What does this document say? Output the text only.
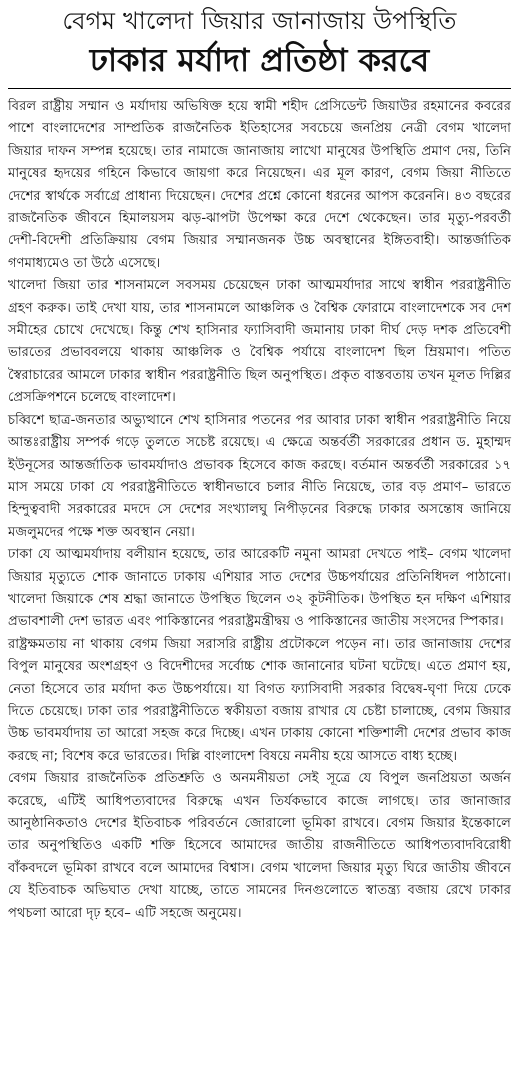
বেগম খালেদা জিয়ার জানাজায় উপস্থিতি
ঢাকার মর্যাদা প্রতিষ্ঠা করবে

বিরল রাষ্ট্রীয় সম্মান ও মর্যাদায় অভিষিক্ত হয়ে স্বামী শহীদ প্রেসিডেন্ট জিয়াউর রহমানের কবরের পাশে বাংলাদেশের সাম্প্রতিক রাজনৈতিক ইতিহাসের সবচেয়ে জনপ্রিয় নেত্রী বেগম খালেদা জিয়ার দাফন সম্পন্ন হয়েছে। তার নামাজে জানাজায় লাখো মানুষের উপস্থিতি প্রমাণ দেয়, তিনি মানুষের হৃদয়ের গহিনে কিভাবে জায়গা করে নিয়েছেন। এর মূল কারণ, বেগম জিয়া নীতিতে দেশের স্বার্থকে সর্বাগ্রে প্রাধান্য দিয়েছেন। দেশের প্রশ্নে কোনো ধরনের আপস করেননি। ৪৩ বছরের রাজনৈতিক জীবনে হিমালয়সম ঝড়-ঝাপটা উপেক্ষা করে দেশে থেকেছেন। তার মৃত্যু-পরবর্তী দেশী-বিদেশী প্রতিক্রিয়ায় বেগম জিয়ার সম্মানজনক উচ্চ অবস্থানের ইঙ্গিতবাহী। আন্তর্জাতিক গণমাধ্যমেও তা উঠে এসেছে।

খালেদা জিয়া তার শাসনামলে সবসময় চেয়েছেন ঢাকা আত্মমর্যাদার সাথে স্বাধীন পররাষ্ট্রনীতি গ্রহণ করুক। তাই দেখা যায়, তার শাসনামলে আঞ্চলিক ও বৈশ্বিক ফোরামে বাংলাদেশকে সব দেশ সমীহের চোখে দেখেছে। কিন্তু শেখ হাসিনার ফ্যাসিবাদী জমানায় ঢাকা দীর্ঘ দেড় দশক প্রতিবেশী ভারতের প্রভাববলয়ে থাকায় আঞ্চলিক ও বৈশ্বিক পর্যায়ে বাংলাদেশ ছিল ম্রিয়মাণ। পতিত স্বৈরাচারের আমলে ঢাকার স্বাধীন পররাষ্ট্রনীতি ছিল অনুপস্থিত। প্রকৃত বাস্তবতায় তখন মূলত দিল্লির প্রেসক্রিপশনে চলেছে বাংলাদেশ।

চব্বিশে ছাত্র-জনতার অভ্যুত্থানে শেখ হাসিনার পতনের পর আবার ঢাকা স্বাধীন পররাষ্ট্রনীতি নিয়ে আন্তঃরাষ্ট্রীয় সম্পর্ক গড়ে তুলতে সচেষ্ট রয়েছে। এ ক্ষেত্রে অন্তর্বর্তী সরকারের প্রধান ড. মুহাম্মদ ইউনূসের আন্তর্জাতিক ভাবমর্যাদাও প্রভাবক হিসেবে কাজ করছে। বর্তমান অন্তর্বর্তী সরকারের ১৭ মাস সময়ে ঢাকা যে পররাষ্ট্রনীতিতে স্বাধীনভাবে চলার নীতি নিয়েছে, তার বড় প্রমাণ– ভারতে হিন্দুত্ববাদী সরকারের মদদে সে দেশের সংখ্যালঘু নিপীড়নের বিরুদ্ধে ঢাকার অসন্তোষ জানিয়ে মজলুমদের পক্ষে শক্ত অবস্থান নেয়া।

ঢাকা যে আত্মমর্যাদায় বলীয়ান হয়েছে, তার আরেকটি নমুনা আমরা দেখতে পাই– বেগম খালেদা জিয়ার মৃত্যুতে শোক জানাতে ঢাকায় এশিয়ার সাত দেশের উচ্চপর্যায়ের প্রতিনিধিদল পাঠানো। খালেদা জিয়াকে শেষ শ্রদ্ধা জানাতে উপস্থিত ছিলেন ৩২ কূটনীতিক। উপস্থিত হন দক্ষিণ এশিয়ার প্রভাবশালী দেশ ভারত এবং পাকিস্তানের পররাষ্ট্রমন্ত্রীদ্বয় ও পাকিস্তানের জাতীয় সংসদের স্পিকার।

রাষ্ট্রক্ষমতায় না থাকায় বেগম জিয়া সরাসরি রাষ্ট্রীয় প্রটোকলে পড়েন না। তার জানাজায় দেশের বিপুল মানুষের অংশগ্রহণ ও বিদেশীদের সর্বোচ্চ শোক জানানোর ঘটনা ঘটেছে। এতে প্রমাণ হয়, নেতা হিসেবে তার মর্যাদা কত উচ্চপর্যায়ে। যা বিগত ফ্যাসিবাদী সরকার বিদ্বেষ-ঘৃণা দিয়ে ঢেকে দিতে চেয়েছে। ঢাকা তার পররাষ্ট্রনীতিতে স্বকীয়তা বজায় রাখার যে চেষ্টা চালাচ্ছে, বেগম জিয়ার উচ্চ ভাবমর্যাদায় তা আরো সহজ করে দিচ্ছে। এখন ঢাকায় কোনো শক্তিশালী দেশের প্রভাব কাজ করছে না; বিশেষ করে ভারতের। দিল্লি বাংলাদেশ বিষয়ে নমনীয় হয়ে আসতে বাধ্য হচ্ছে।

বেগম জিয়ার রাজনৈতিক প্রতিশ্রুতি ও অনমনীয়তা সেই সূত্রে যে বিপুল জনপ্রিয়তা অর্জন করেছে, এটিই আধিপত্যবাদের বিরুদ্ধে এখন তির্যকভাবে কাজে লাগছে। তার জানাজার আনুষ্ঠানিকতাও দেশের ইতিবাচক পরিবর্তনে জোরালো ভূমিকা রাখবে। বেগম জিয়ার ইন্তেকালে তার অনুপস্থিতিও একটি শক্তি হিসেবে আমাদের জাতীয় রাজনীতিতে আধিপত্যবাদবিরোধী বাঁকবদলে ভূমিকা রাখবে বলে আমাদের বিশ্বাস। বেগম খালেদা জিয়ার মৃত্যু ঘিরে জাতীয় জীবনে যে ইতিবাচক অভিঘাত দেখা যাচ্ছে, তাতে সামনের দিনগুলোতে স্বাতন্ত্র্য বজায় রেখে ঢাকার পথচলা আরো দৃঢ় হবে– এটি সহজে অনুমেয়।
